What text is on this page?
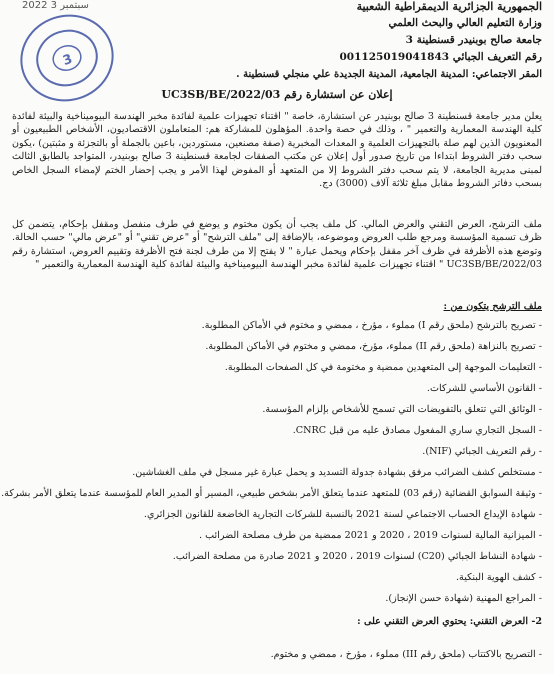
2022 سبتمبر 3	الجمهورية الجزائرية الديمقراطية الشعبية
وزارة التعليم العالي والبحث العلمي
جامعة صالح بوبنيدر قسنطينة 3
رقم التعريف الجبائي 001125019041843
المقر الاجتماعي: المدينة الجامعية، المدينة الجديدة علي منجلي قسنطينة .
3
إعلان عن استشارة رقم 03/UC3SB/BE/2022
يعلن مدير جامعة قسنطينة 3 صالح بوبنيدر عن استشارة، خاصة " اقتناء تجهيزات علمية لفائدة مخبر الهندسة البيوميناخية والبيئة لفائدة كلية الهندسة المعمارية والتعمير " ، وذلك في حصة واحدة. المؤهلون للمشاركة هم: المتعاملون الاقتصاديون، الأشخاص الطبيعيون أو المعنويون الذين لهم صلة بالتجهيزات العلمية و المعدات المخبرية (صفة مصنعين، مستوردين، باعين بالجملة أو بالتجزئة و مثبتين) ،يكون سحب دفتر الشروط ابتداءا من تاريخ صدور أول إعلان عن مكتب الصفقات لجامعة قسنطينة 3 صالح بوبنيدر، المتواجد بالطابق الثالث لمبنى مديرية الجامعة، لا يتم سحب دفتر الشروط إلا من المتعهد أو المفوض لهذا الأمر و يجب إحضار الختم لإمضاء السجل الخاص بسحب دفاتر الشروط مقابل مبلغ ثلاثة آلاف (3000) دج.
ملف الترشح، العرض التقني والعرض المالي. كل ملف يجب أن يكون مختوم و يوضع في طرف منفصل ومقفل بإحكام، يتضمن كل ظرف تسمية المؤسسة ومرجع طلب العروض وموضوعه، بالإضافة إلى "ملف الترشح" أو "عرض تقني" أو "عرض مالي" حسب الحالة. وتوضع هذه الأظرفة في ظرف آخر مقفل بإحكام ويحمل عبارة " لا يفتح إلا من طرف لجنة فتح الأظرفة وتقييم العروض، استشارة رقم 03/UC3SB/BE/2022 " اقتناء تجهيزات علمية لفائدة مخبر الهندسة البيوميناخية والبيئة لفائدة كلية الهندسة المعمارية والتعمير "
ملف الترشح يتكون من :
- تصريح بالترشح (ملحق رقم I) مملوء ، مؤرخ ، ممضي و مختوم في الأماكن المطلوبة.
- تصريح بالنزاهة (ملحق رقم II) مملوء، مؤرخ، ممضي و مختوم في الأماكن المطلوبة.
- التعليمات الموجهة إلى المتعهدين ممضية و مختومة في كل الصفحات المطلوبة.
- القانون الأساسي للشركات.
- الوثائق التي تتعلق بالتفويضات التي تسمح للأشخاص بإلزام المؤسسة.
- السجل التجاري ساري المفعول مصادق عليه من قبل CNRC.
- رقم التعريف الجبائي (NIF).
- مستخلص كشف الضرائب مرفق بشهادة جدولة التسديد و يحمل عبارة غير مسجل في ملف الغشاشين.
- وثيقة السوابق القضائية (رقم 03) للمتعهد عندما يتعلق الأمر بشخص طبيعي، المسير أو المدير العام للمؤسسة عندما يتعلق الأمر بشركة.
- شهادة الإيداع الحساب الاجتماعي لسنة 2021 بالنسبة للشركات التجارية الخاضعة للقانون الجزائري.
- الميزانية المالية لسنوات 2019 ، 2020 و 2021 ممضية من طرف مصلحة الضرائب .
- شهادة النشاط الجبائي (C20) لسنوات 2019 ، 2020 و 2021 صادرة من مصلحة الضرائب.
- كشف الهوية البنكية.
- المراجع المهنية (شهادة حسن الإنجاز).
2- العرض التقني: يحتوي العرض التقني على :
- التصريح بالاكتتاب (ملحق رقم III) مملوء ، مؤرخ ، ممضي و مختوم.
